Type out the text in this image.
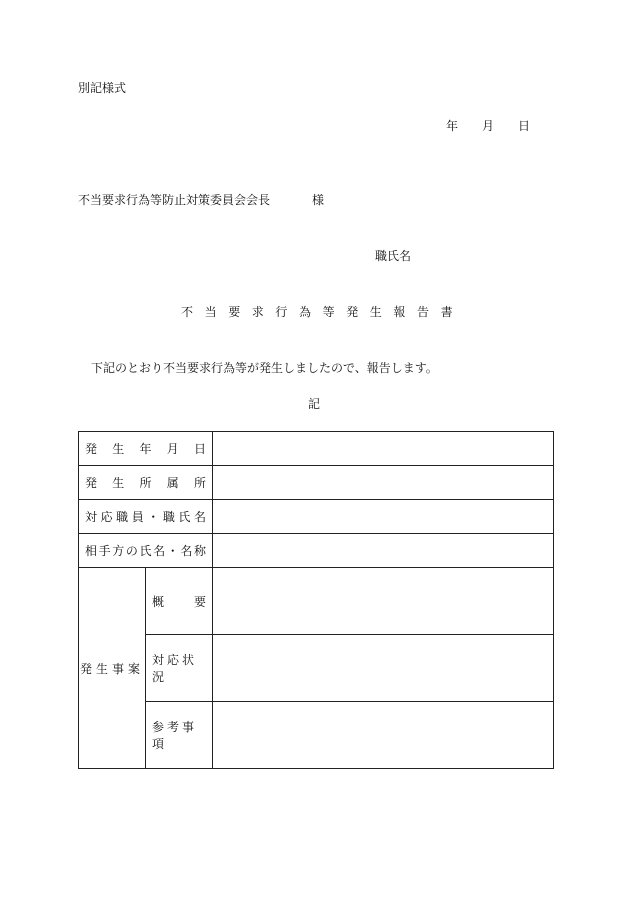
別記様式
年 月 日
不当要求行為等防止対策委員会会長	様
職氏名
不当要求行為等発生報告書
下記のとおり不当要求行為等が発生しましたので、報告します。
記
発生年月日		
発生所属所		
対応職員・職氏名		
相手方の氏名・名称		
発生事案	概 要	

	対応状況	
	参考事項	
